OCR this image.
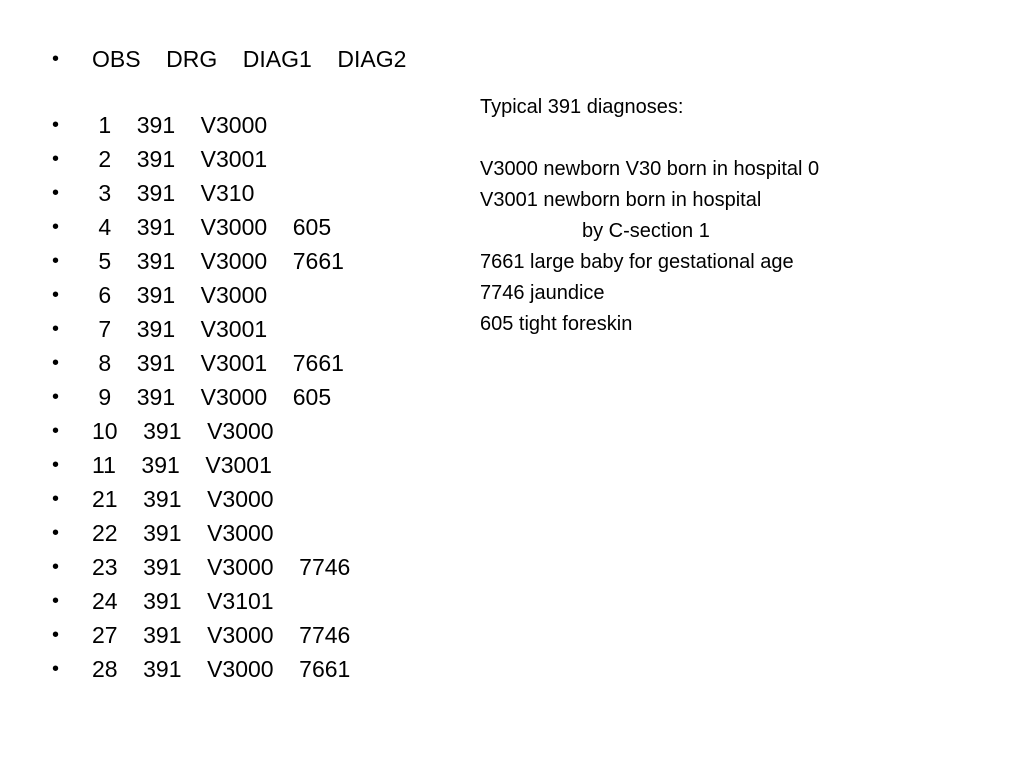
•

OBS    DRG    DIAG1    DIAG2

• 1    391    V3000
• 2    391    V3001
• 3    391    V310
• 4    391    V3000    605
• 5    391    V3000    7661
• 6    391    V3000
• 7    391    V3001
• 8    391    V3001    7661
• 9    391    V3000    605
• 10    391    V3000
• 11    391    V3001
• 21    391    V3000
• 22    391    V3000
• 23    391    V3000    7746
• 24    391    V3101
• 27    391    V3000    7746
• 28    391    V3000    7661
Typical 391 diagnoses:
V3000 newborn V30 born in hospital 0
V3001 newborn born in hospital
by C-section 1
7661 large baby for gestational age
7746 jaundice
605 tight foreskin
